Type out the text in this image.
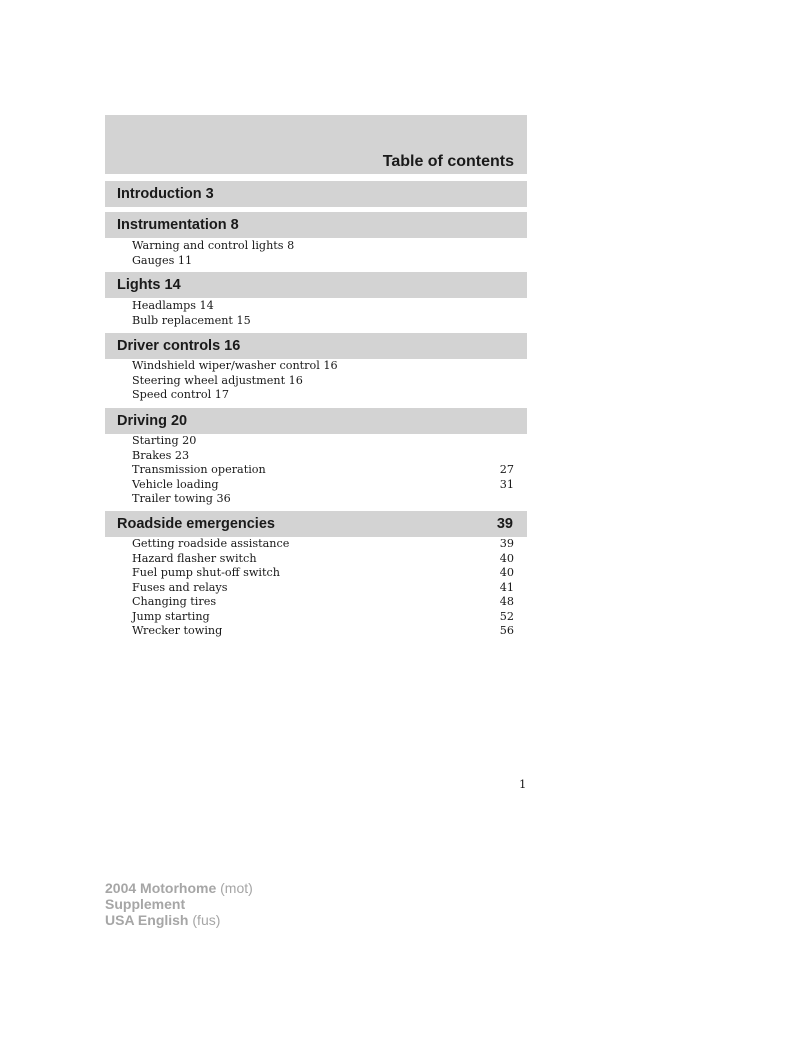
Table of contents
Introduction 3
Instrumentation 8
Warning and control lights 8
Gauges 11
Lights 14
Headlamps 14
Bulb replacement 15
Driver controls 16
Windshield wiper/washer control 16
Steering wheel adjustment 16
Speed control 17
Driving 20
Starting 20
Brakes 23
Transmission operation	27
Vehicle loading	31
Trailer towing 36
Roadside emergencies	39
Getting roadside assistance	39
Hazard flasher switch	40
Fuel pump shut-off switch	40
Fuses and relays	41
Changing tires	48
Jump starting	52
Wrecker towing	56
1
2004 Motorhome (mot)
Supplement
USA English (fus)
